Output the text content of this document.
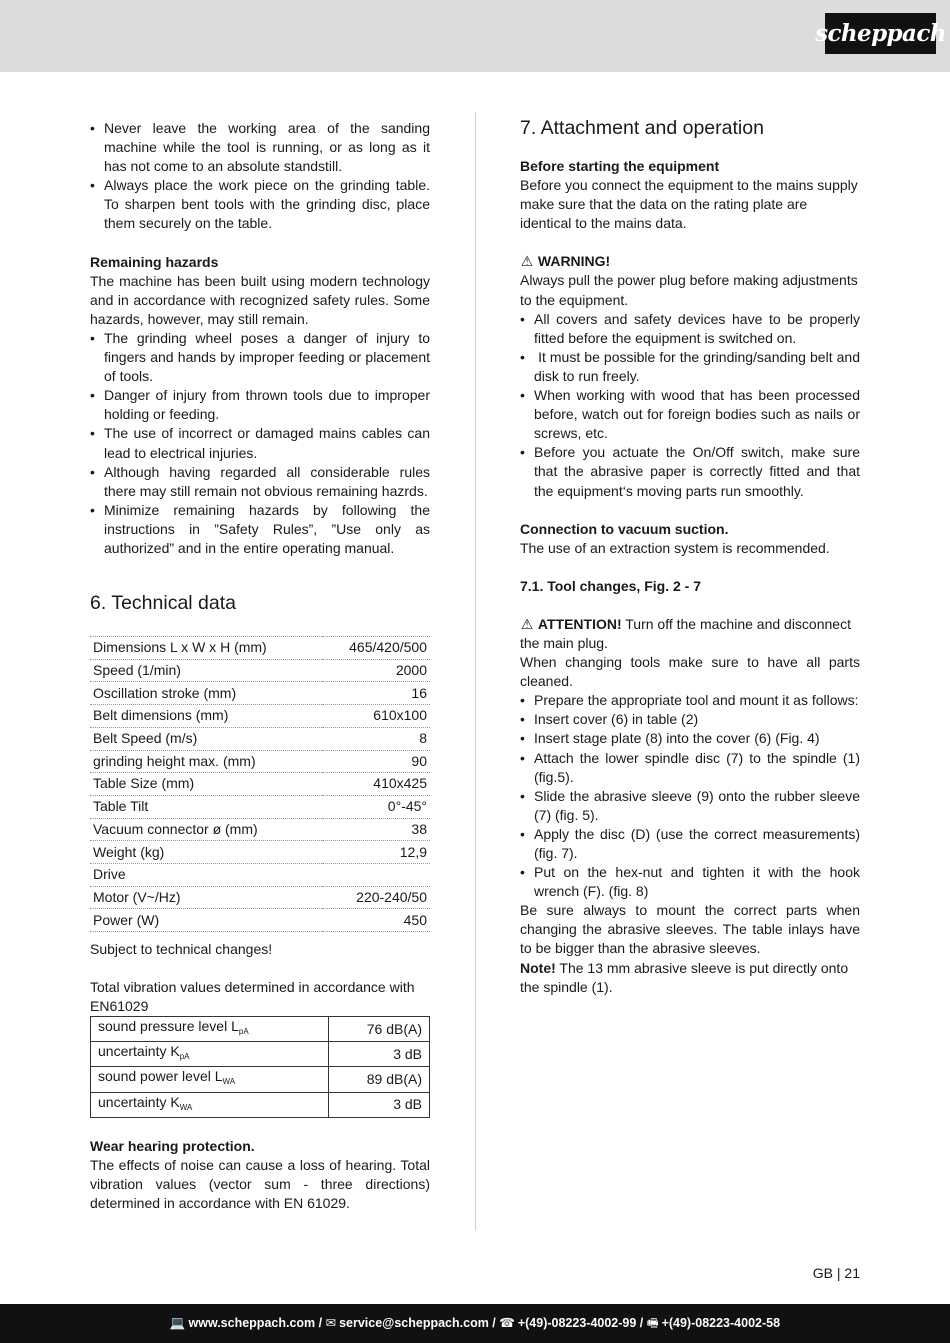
scheppach
• Never leave the working area of the sanding machine while the tool is running, or as long as it has not come to an absolute standstill.
• Always place the work piece on the grinding table. To sharpen bent tools with the grinding disc, place them securely on the table.

Remaining hazards

The machine has been built using modern technology and in accordance with recognized safety rules. Some hazards, however, may still remain.

• The grinding wheel poses a danger of injury to fingers and hands by improper feeding or placement of tools.
• Danger of injury from thrown tools due to improper holding or feeding.
• The use of incorrect or damaged mains cables can lead to electrical injuries.
• Although having regarded all considerable rules there may still remain not obvious remaining hazrds.
• Minimize remaining hazards by following the instructions in ”Safety Rules”, ”Use only as authorized” and in the entire operating manual.
6. Technical data
Dimensions L x W x H (mm)	465/420/500
Speed (1/min)	2000
Oscillation stroke (mm)	16
Belt dimensions (mm)	610x100
Belt Speed (m/s)	8
grinding height max. (mm)	90
Table Size (mm)	410x425
Table Tilt	0°-45°
Vacuum connector ø (mm)	38
Weight (kg)	12,9
Drive	
Motor (V~/Hz)	220-240/50
Power (W)	450

Subject to technical changes!

Total vibration values determined in accordance with EN61029

sound pressure level $L_{pA}$	76 dB(A)
uncertainty $K_{pA}$	3 dB
sound power level $L_{WA}$	89 dB(A)
uncertainty $K_{WA}$	3 dB

Wear hearing protection.

The effects of noise can cause a loss of hearing. Total vibration values (vector sum - three directions) determined in accordance with EN 61029.

7. Attachment and operation

Before starting the equipment

Before you connect the equipment to the mains supply make sure that the data on the rating plate are identical to the mains data.

⚠ WARNING!

Always pull the power plug before making adjustments to the equipment.

• All covers and safety devices have to be properly fitted before the equipment is switched on.
•  It must be possible for the grinding/sanding belt and disk to run freely.
• When working with wood that has been processed before, watch out for foreign bodies such as nails or screws, etc.
• Before you actuate the On/Off switch, make sure that the abrasive paper is correctly fitted and that the equipment‘s moving parts run smoothly.

Connection to vacuum suction.

The use of an extraction system is recommended.

7.1. Tool changes, Fig. 2 - 7

⚠ ATTENTION! Turn off the machine and disconnect the main plug.

When changing tools make sure to have all parts cleaned.

• Prepare the appropriate tool and mount it as follows:
• Insert cover (6) in table (2)
• Insert stage plate (8) into the cover (6) (Fig. 4)
• Attach the lower spindle disc (7) to the spindle (1) (fig.5).
• Slide the abrasive sleeve (9) onto the rubber sleeve (7) (fig. 5).
• Apply the disc (D) (use the correct measurements) (fig. 7).
• Put on the hex-nut and tighten it with the hook wrench (F). (fig. 8)

Be sure always to mount the correct parts when changing the abrasive sleeves. The table inlays have to be bigger than the abrasive sleeves.

Note! The 13 mm abrasive sleeve is put directly onto the spindle (1).

GB | 21
💻 www.scheppach.com / ✉ service@scheppach.com / ☎ +(49)-08223-4002-99 / 🖷 +(49)-08223-4002-58
